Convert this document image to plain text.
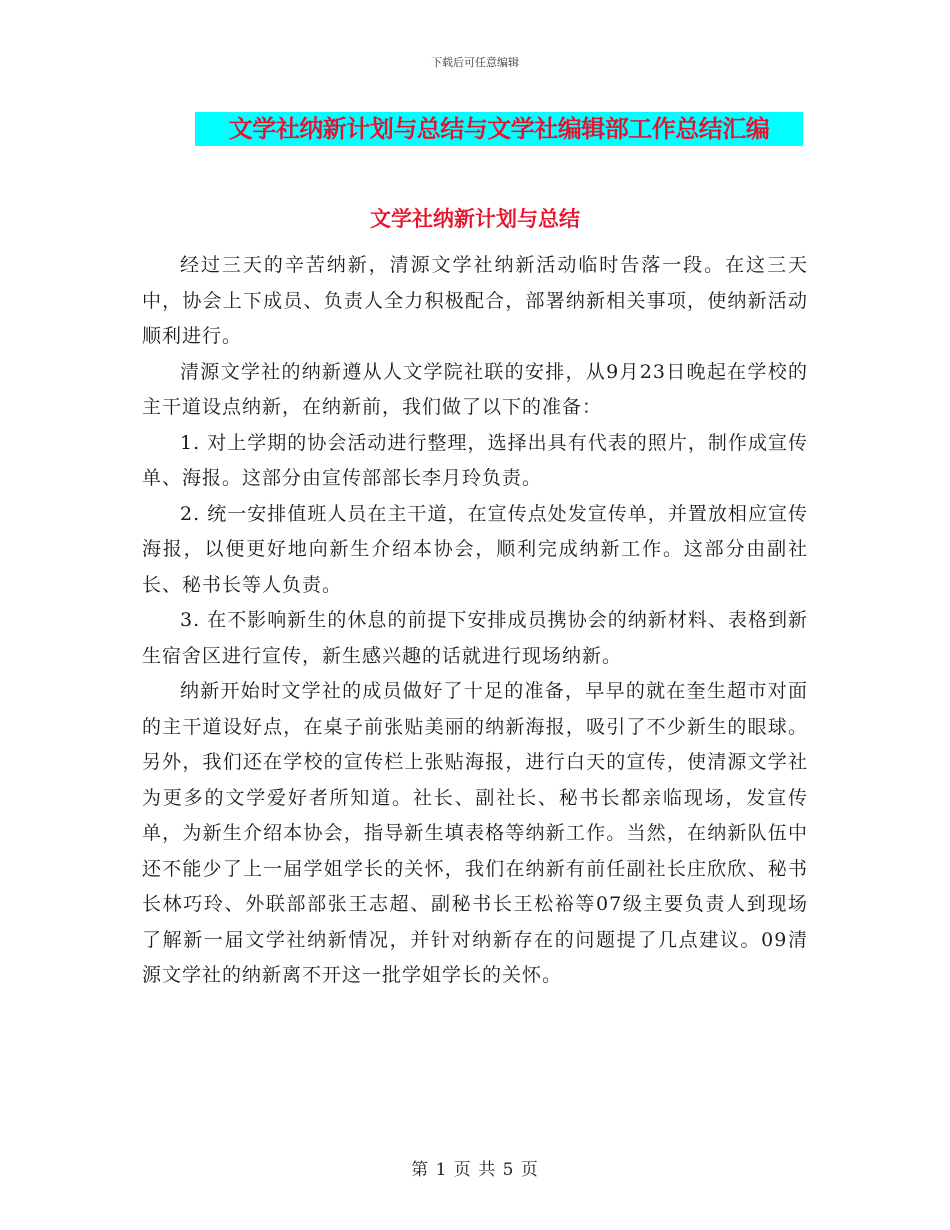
下载后可任意编辑
文学社纳新计划与总结与文学社编辑部工作总结汇编
文学社纳新计划与总结

经过三天的辛苦纳新，清源文学社纳新活动临时告落一段。在这三天中，协会上下成员、负责人全力积极配合，部署纳新相关事项，使纳新活动顺利进行。

清源文学社的纳新遵从人文学院社联的安排，从9月23日晚起在学校的主干道设点纳新，在纳新前，我们做了以下的准备：

1. 对上学期的协会活动进行整理，选择出具有代表的照片，制作成宣传单、海报。这部分由宣传部部长李月玲负责。

2. 统一安排值班人员在主干道，在宣传点处发宣传单，并置放相应宣传海报，以便更好地向新生介绍本协会，顺利完成纳新工作。这部分由副社长、秘书长等人负责。

3. 在不影响新生的休息的前提下安排成员携协会的纳新材料、表格到新生宿舍区进行宣传，新生感兴趣的话就进行现场纳新。

纳新开始时文学社的成员做好了十足的准备，早早的就在奎生超市对面的主干道设好点，在桌子前张贴美丽的纳新海报，吸引了不少新生的眼球。另外，我们还在学校的宣传栏上张贴海报，进行白天的宣传，使清源文学社为更多的文学爱好者所知道。社长、副社长、秘书长都亲临现场，发宣传单，为新生介绍本协会，指导新生填表格等纳新工作。当然，在纳新队伍中还不能少了上一届学姐学长的关怀，我们在纳新有前任副社长庄欣欣、秘书长林巧玲、外联部部张王志超、副秘书长王松裕等07级主要负责人到现场了解新一届文学社纳新情况，并针对纳新存在的问题提了几点建议。09清源文学社的纳新离不开这一批学姐学长的关怀。

第 1 页 共 5 页
